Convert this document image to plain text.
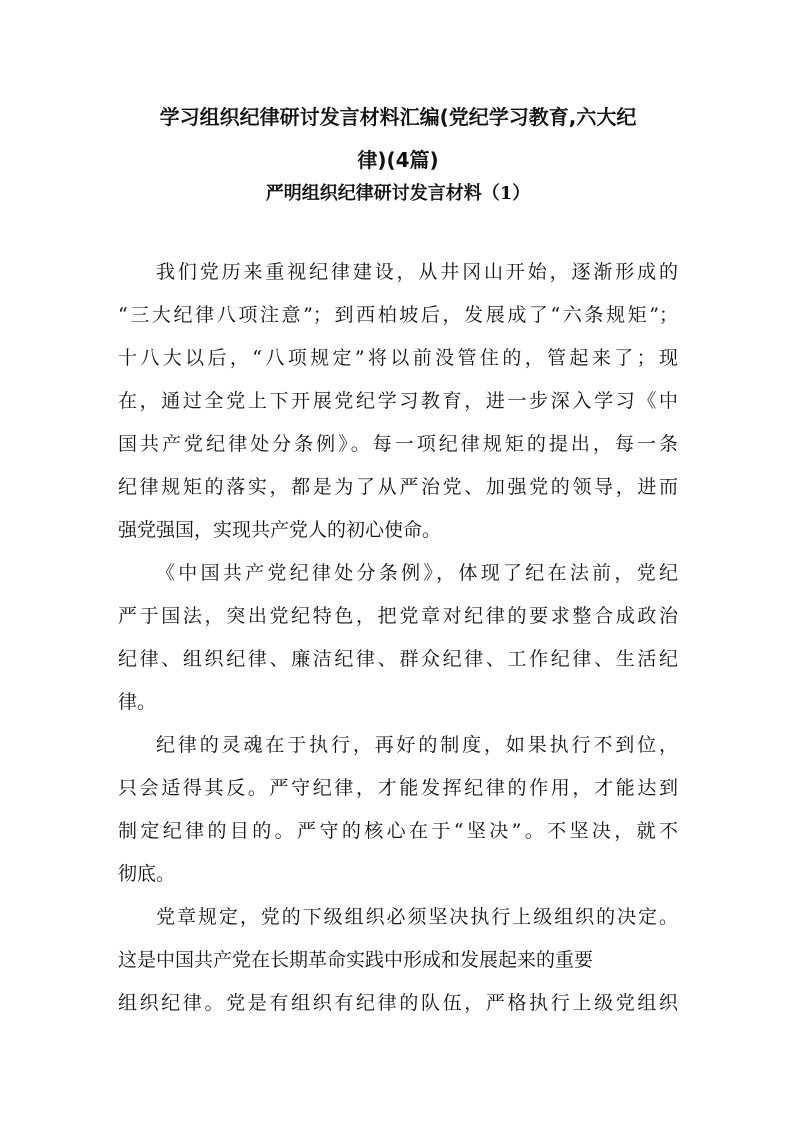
学习组织纪律研讨发言材料汇编(党纪学习教育,六大纪
律)(4篇)
严明组织纪律研讨发言材料（1）

我们党历来重视纪律建设，从井冈山开始，逐渐形成的

“三大纪律八项注意”；到西柏坡后，发展成了“六条规矩”；

十八大以后，“八项规定”将以前没管住的，管起来了；现

在，通过全党上下开展党纪学习教育，进一步深入学习《中

国共产党纪律处分条例》。每一项纪律规矩的提出，每一条

纪律规矩的落实，都是为了从严治党、加强党的领导，进而

强党强国，实现共产党人的初心使命。

《中国共产党纪律处分条例》，体现了纪在法前，党纪

严于国法，突出党纪特色，把党章对纪律的要求整合成政治

纪律、组织纪律、廉洁纪律、群众纪律、工作纪律、生活纪

律。

纪律的灵魂在于执行，再好的制度，如果执行不到位，

只会适得其反。严守纪律，才能发挥纪律的作用，才能达到

制定纪律的目的。严守的核心在于“坚决”。不坚决，就不

彻底。

党章规定，党的下级组织必须坚决执行上级组织的决定。

这是中国共产党在长期革命实践中形成和发展起来的重要

组织纪律。党是有组织有纪律的队伍，严格执行上级党组织
